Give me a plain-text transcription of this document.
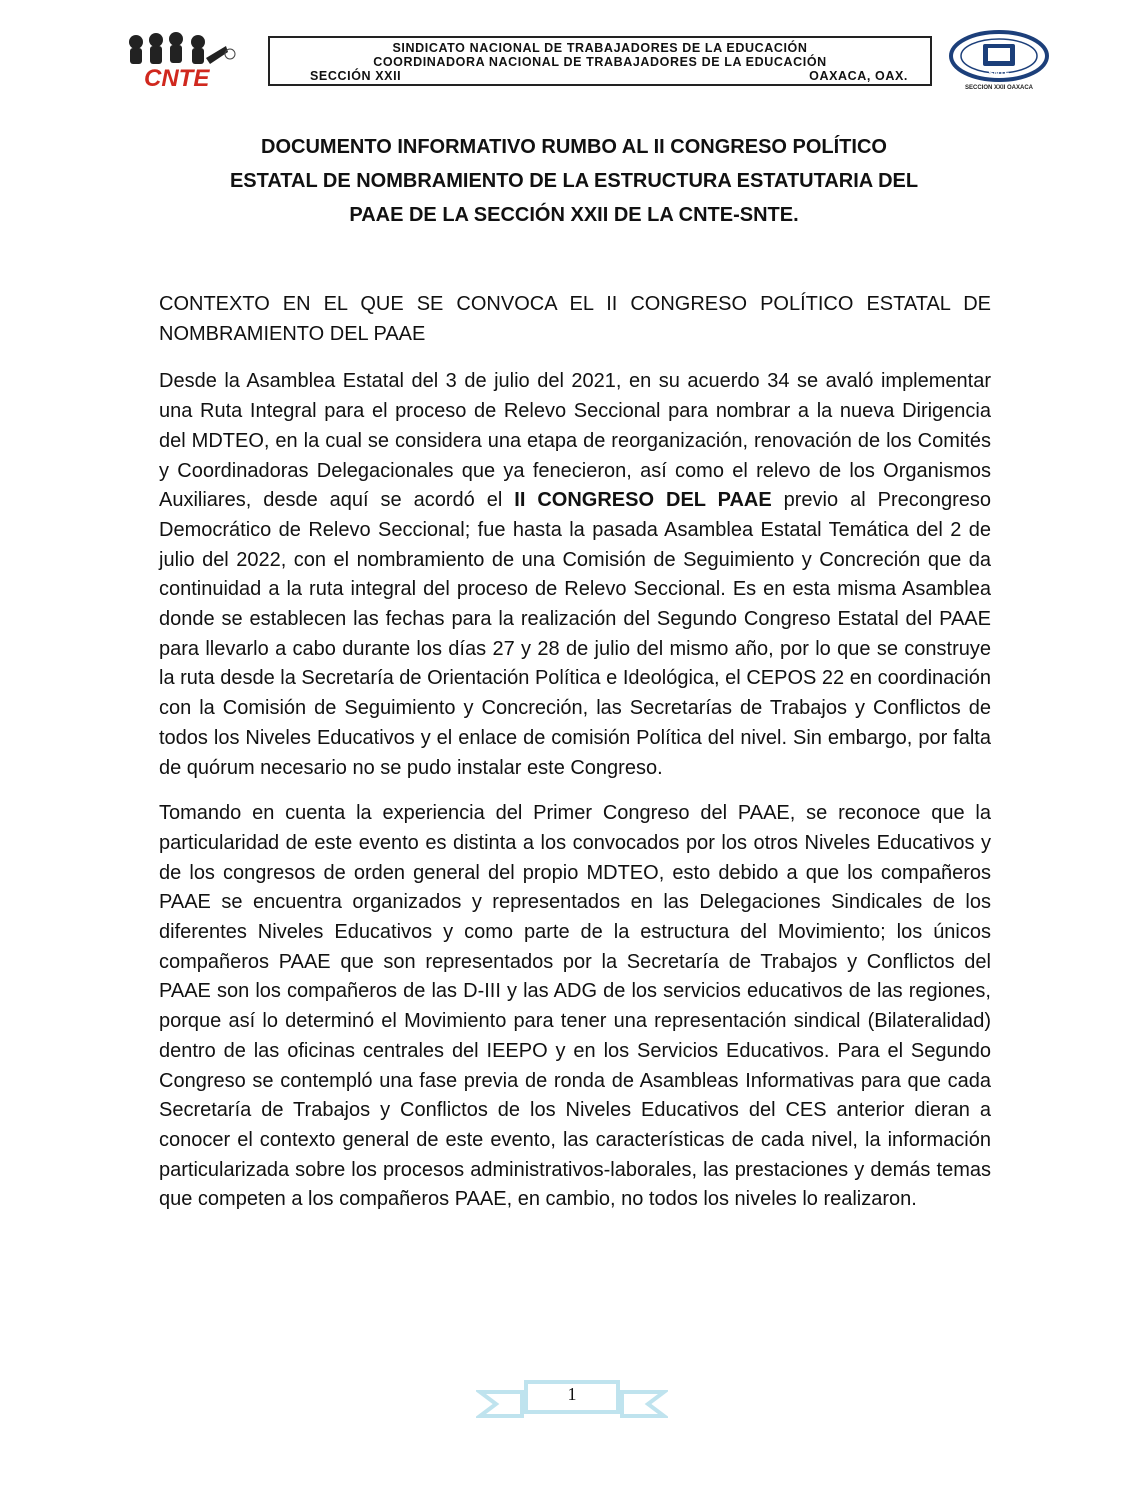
CNTE
SINDICATO NACIONAL DE TRABAJADORES DE LA EDUCACIÓN
COORDINADORA NACIONAL DE TRABAJADORES DE LA EDUCACIÓN
SECCIÓN XXII	OAXACA, OAX.	SNTE
SECCION XXII OAXACA
DOCUMENTO INFORMATIVO RUMBO AL II CONGRESO POLÍTICO
ESTATAL DE NOMBRAMIENTO DE LA ESTRUCTURA ESTATUTARIA DEL
PAAE DE LA SECCIÓN XXII DE LA CNTE-SNTE.

CONTEXTO EN EL QUE SE CONVOCA EL II CONGRESO POLÍTICO ESTATAL DE NOMBRAMIENTO DEL PAAE

Desde la Asamblea Estatal del 3 de julio del 2021, en su acuerdo 34 se avaló implementar una Ruta Integral para el proceso de Relevo Seccional para nombrar a la nueva Dirigencia del MDTEO, en la cual se considera una etapa de reorganización, renovación de los Comités y Coordinadoras Delegacionales que ya fenecieron, así como el relevo de los Organismos Auxiliares, desde aquí se acordó el II CONGRESO DEL PAAE previo al Precongreso Democrático de Relevo Seccional; fue hasta la pasada Asamblea Estatal Temática del 2 de julio del 2022, con el nombramiento de una Comisión de Seguimiento y Concreción que da continuidad a la ruta integral del proceso de Relevo Seccional. Es en esta misma Asamblea donde se establecen las fechas para la realización del Segundo Congreso Estatal del PAAE para llevarlo a cabo durante los días 27 y 28 de julio del mismo año, por lo que se construye la ruta desde la Secretaría de Orientación Política e Ideológica, el CEPOS 22 en coordinación con la Comisión de Seguimiento y Concreción, las Secretarías de Trabajos y Conflictos de todos los Niveles Educativos y el enlace de comisión Política del nivel. Sin embargo, por falta de quórum necesario no se pudo instalar este Congreso.

Tomando en cuenta la experiencia del Primer Congreso del PAAE, se reconoce que la particularidad de este evento es distinta a los convocados por los otros Niveles Educativos y de los congresos de orden general del propio MDTEO, esto debido a que los compañeros PAAE se encuentra organizados y representados en las Delegaciones Sindicales de los diferentes Niveles Educativos y como parte de la estructura del Movimiento; los únicos compañeros PAAE que son representados por la Secretaría de Trabajos y Conflictos del PAAE son los compañeros de las D-III y las ADG de los servicios educativos de las regiones, porque así lo determinó el Movimiento para tener una representación sindical (Bilateralidad) dentro de las oficinas centrales del IEEPO y en los Servicios Educativos. Para el Segundo Congreso se contempló una fase previa de ronda de Asambleas Informativas para que cada Secretaría de Trabajos y Conflictos de los Niveles Educativos del CES anterior dieran a conocer el contexto general de este evento, las características de cada nivel, la información particularizada sobre los procesos administrativos-laborales, las prestaciones y demás temas que competen a los compañeros PAAE, en cambio, no todos los niveles lo realizaron.

1
